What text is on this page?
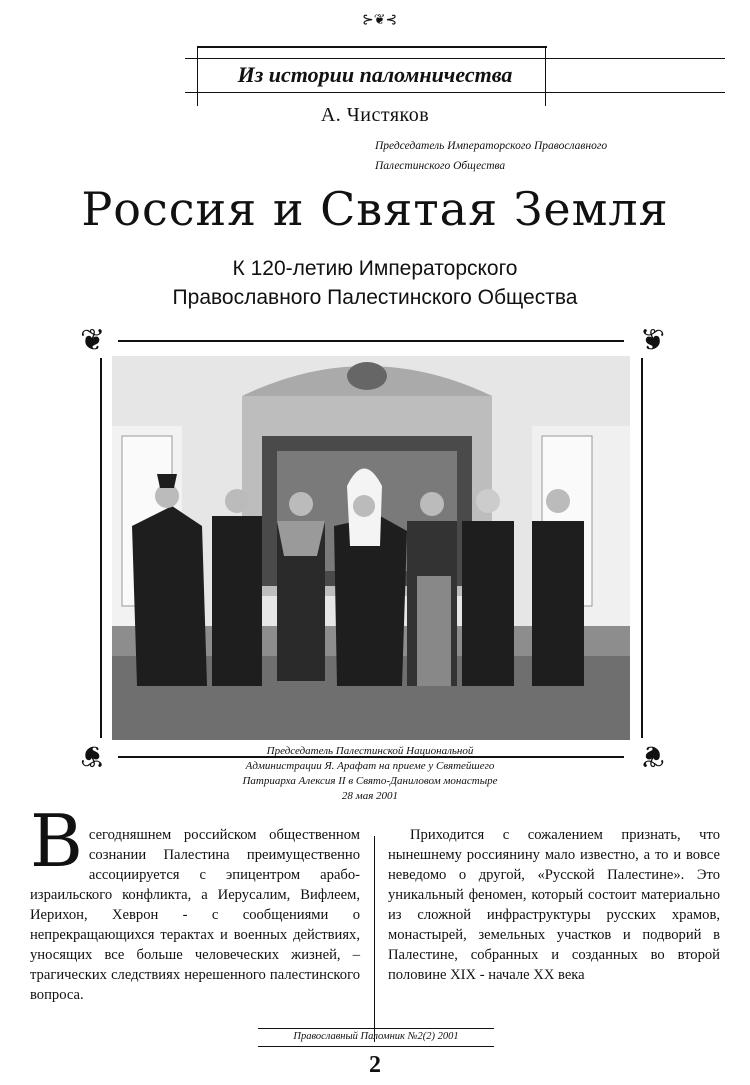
⊱❦⊰
Из истории паломничества
А. Чистяков
Председатель Императорского Православного
Палестинского Общества
Россия и Святая Земля
К 120-летию Императорского
Православного Палестинского Общества
❦	❦
❦	❦
Председатель Палестинской Национальной
Администрации Я. Арафат на приеме у Святейшего
Патриарха Алексия II в Свято-Даниловом монастыре
28 мая 2001
Всегодняшнем российском общественном сознании Палестина преимущественно ассоциируется с эпицентром арабо-израильского конфликта, а Иерусалим, Вифлеем, Иерихон, Хеврон - с сообщениями о непрекращающихся терактах и военных действиях, уносящих все больше человеческих жизней, – трагических следствиях нерешенного палестинского вопроса.
Приходится с сожалением признать, что нынешнему россиянину мало известно, а то и вовсе неведомо о другой, «Русской Палестине». Это уникальный феномен, который состоит материально из сложной инфраструктуры русских храмов, монастырей, земельных участков и подворий в Палестине, собранных и созданных во второй половине XIX - начале XX века
Православный Паломник №2(2) 2001
2
